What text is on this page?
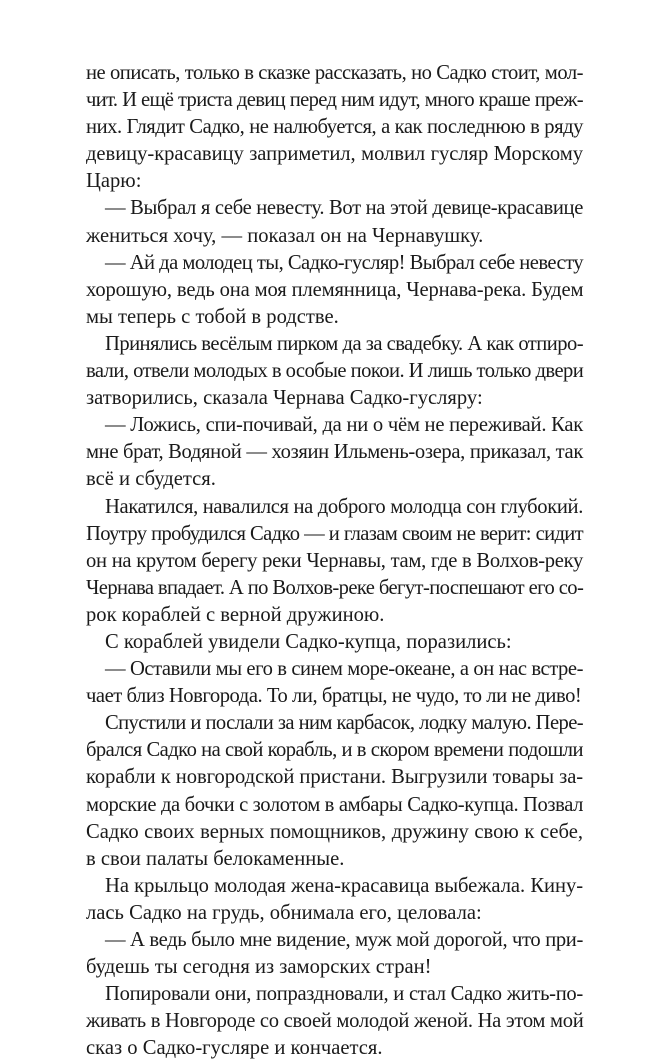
не описать, только в сказке рассказать, но Садко стоит, мол-
чит. И ещё триста девиц перед ним идут, много краше преж-
них. Глядит Садко, не налюбуется, а как последнюю в ряду
девицу-красавицу заприметил, молвил гусляр Морскому
Царю:
— Выбрал я себе невесту. Вот на этой девице-красавице
жениться хочу, — показал он на Чернавушку.
— Ай да молодец ты, Садко-гусляр! Выбрал себе невесту
хорошую, ведь она моя племянница, Чернава-река. Будем
мы теперь с тобой в родстве.
Принялись весёлым пирком да за свадебку. А как отпиро-
вали, отвели молодых в особые покои. И лишь только двери
затворились, сказала Чернава Садко-гусляру:
— Ложись, спи-почивай, да ни о чём не переживай. Как
мне брат, Водяной — хозяин Ильмень-озера, приказал, так
всё и сбудется.
Накатился, навалился на доброго молодца сон глубокий.
Поутру пробудился Садко — и глазам своим не верит: сидит
он на крутом берегу реки Чернавы, там, где в Волхов-реку
Чернава впадает. А по Волхов-реке бегут-поспешают его со-
рок кораблей с верной дружиною.
С кораблей увидели Садко-купца, поразились:
— Оставили мы его в синем море-океане, а он нас встре-
чает близ Новгорода. То ли, братцы, не чудо, то ли не диво!
Спустили и послали за ним карбасок, лодку малую. Пере-
брался Садко на свой корабль, и в скором времени подошли
корабли к новгородской пристани. Выгрузили товары за-
морские да бочки с золотом в амбары Садко-купца. Позвал
Садко своих верных помощников, дружину свою к себе,
в свои палаты белокаменные.
На крыльцо молодая жена-красавица выбежала. Кину-
лась Садко на грудь, обнимала его, целовала:
— А ведь было мне видение, муж мой дорогой, что при-
будешь ты сегодня из заморских стран!
Попировали они, попраздновали, и стал Садко жить-по-
живать в Новгороде со своей молодой женой. На этом мой
сказ о Садко-гусляре и кончается.
